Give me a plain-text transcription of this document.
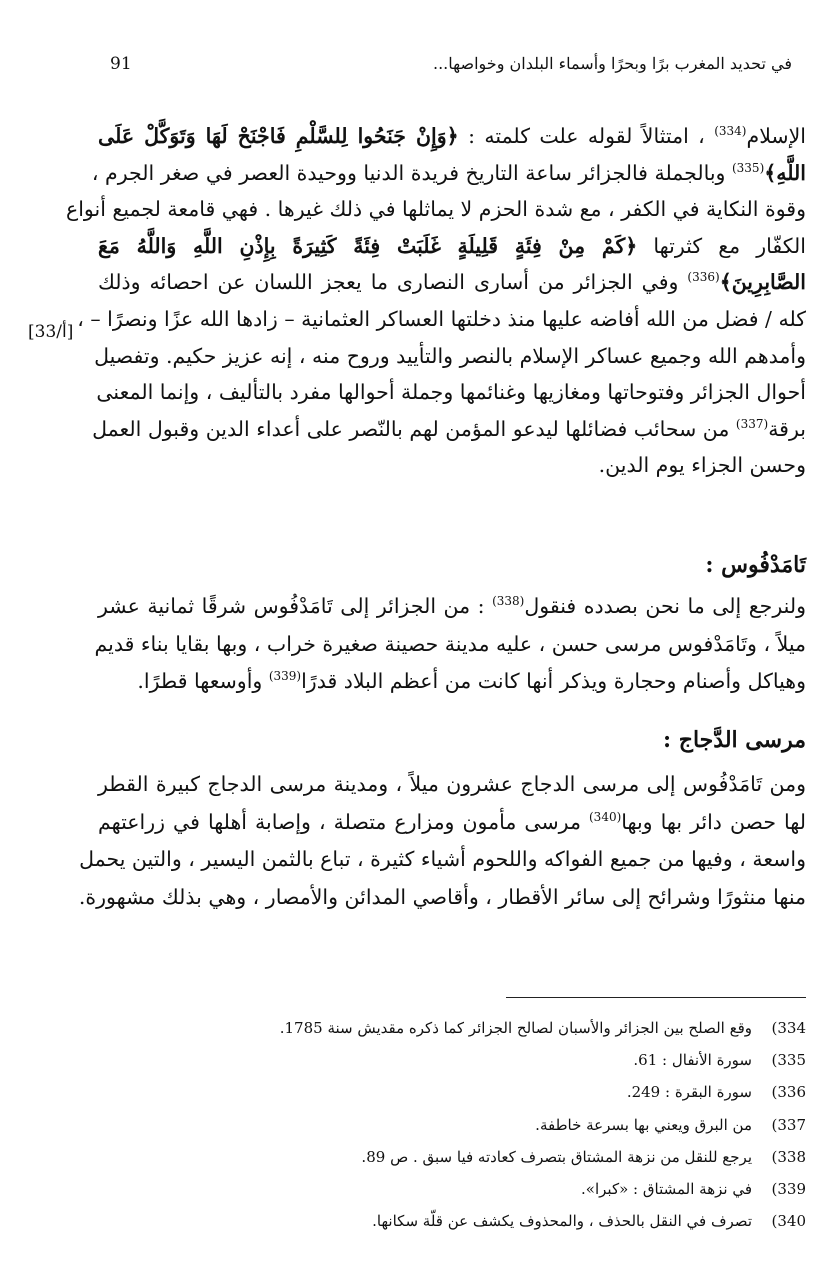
91	في تحديد المغرب برًا وبحرًا وأسماء البلدان وخواصها...
[33/أ]
الإسلام$^{(334)}$ ، امتثالاً لقوله علت كلمته : ﴿وَإِنْ جَنَحُوا لِلسَّلْمِ فَاجْنَحْ لَهَا وَتَوَكَّلْ عَلَى
اللَّهِ﴾$^{(335)}$ وبالجملة فالجزائر ساعة التاريخ فريدة الدنيا ووحيدة العصر في صغر الجرم ،
وقوة النكاية في الكفر ، مع شدة الحزم لا يماثلها في ذلك غيرها . فهي قامعة لجميع أنواع
الكفّار مع كثرتها ﴿كَمْ مِنْ فِئَةٍ قَلِيلَةٍ غَلَبَتْ فِئَةً كَثِيرَةً بِإِذْنِ اللَّهِ وَاللَّهُ مَعَ
الصَّابِرِينَ﴾$^{(336)}$ وفي الجزائر من أسارى النصارى ما يعجز اللسان عن احصائه وذلك
كله / فضل من الله أفاضه عليها منذ دخلتها العساكر العثمانية – زادها الله عزًا ونصرًا – ،
وأمدهم الله وجميع عساكر الإسلام بالنصر والتأييد وروح منه ، إنه عزيز حكيم. وتفصيل
أحوال الجزائر وفتوحاتها ومغازيها وغنائمها وجملة أحوالها مفرد بالتأليف ، وإنما المعنى
برقة$^{(337)}$ من سحائب فضائلها ليدعو المؤمن لهم بالنّصر على أعداء الدين وقبول العمل
وحسن الجزاء يوم الدين.
تَامَدْفُوس :
ولنرجع إلى ما نحن بصدده فنقول$^{(338)}$ : من الجزائر إلى تَامَدْفُوس شرقًا ثمانية عشر
ميلاً ، وتَامَدْفوس مرسى حسن ، عليه مدينة حصينة صغيرة خراب ، وبها بقايا بناء قديم
وهياكل وأصنام وحجارة ويذكر أنها كانت من أعظم البلاد قدرًا$^{(339)}$ وأوسعها قطرًا.
مرسى الدَّجاج :
ومن تَامَدْفُوس إلى مرسى الدجاج عشرون ميلاً ، ومدينة مرسى الدجاج كبيرة القطر
لها حصن دائر بها وبها$^{(340)}$ مرسى مأمون ومزارع متصلة ، وإصابة أهلها في زراعتهم
واسعة ، وفيها من جميع الفواكه واللحوم أشياء كثيرة ، تباع بالثمن اليسير ، والتين يحمل
منها منثورًا وشرائح إلى سائر الأقطار ، وأقاصي المدائن والأمصار ، وهي بذلك مشهورة.
(334
وقع الصلح بين الجزائر والأسبان لصالح الجزائر كما ذكره مقديش سنة 1785.
(335
سورة الأنفال : 61.
(336
سورة البقرة : 249.
(337
من البرق ويعني بها بسرعة خاطفة.
(338
يرجع للنقل من نزهة المشتاق بتصرف كعادته فيا سبق . ص 89.
(339
في نزهة المشتاق : «كبرا».
(340
تصرف في النقل بالحذف ، والمحذوف يكشف عن قلّة سكانها.
